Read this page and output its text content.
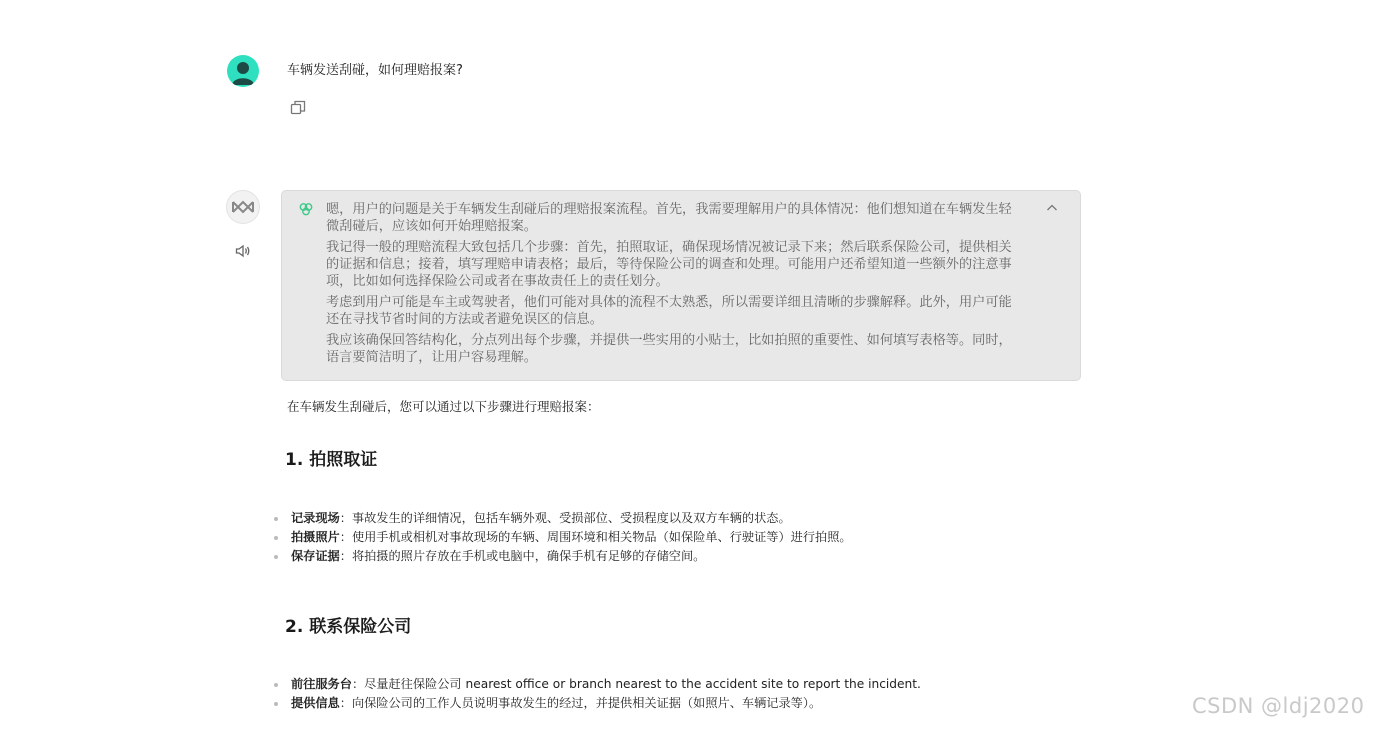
车辆发送刮碰，如何理赔报案?

嗯，用户的问题是关于车辆发生刮碰后的理赔报案流程。首先，我需要理解用户的具体情况：他们想知道在车辆发生轻微刮碰后，应该如何开始理赔报案。

我记得一般的理赔流程大致包括几个步骤：首先，拍照取证，确保现场情况被记录下来；然后联系保险公司，提供相关的证据和信息；接着，填写理赔申请表格；最后，等待保险公司的调查和处理。可能用户还希望知道一些额外的注意事项，比如如何选择保险公司或者在事故责任上的责任划分。

考虑到用户可能是车主或驾驶者，他们可能对具体的流程不太熟悉，所以需要详细且清晰的步骤解释。此外，用户可能还在寻找节省时间的方法或者避免误区的信息。

我应该确保回答结构化，分点列出每个步骤，并提供一些实用的小贴士，比如拍照的重要性、如何填写表格等。同时，语言要简洁明了，让用户容易理解。

在车辆发生刮碰后，您可以通过以下步骤进行理赔报案：
1. 拍照取证
记录现场：事故发生的详细情况，包括车辆外观、受损部位、受损程度以及双方车辆的状态。
拍摄照片：使用手机或相机对事故现场的车辆、周围环境和相关物品（如保险单、行驶证等）进行拍照。
保存证据：将拍摄的照片存放在手机或电脑中，确保手机有足够的存储空间。
2. 联系保险公司
前往服务台：尽量赶往保险公司 nearest office or branch nearest to the accident site to report the incident.
提供信息：向保险公司的工作人员说明事故发生的经过，并提供相关证据（如照片、车辆记录等）。	CSDN @ldj2020
